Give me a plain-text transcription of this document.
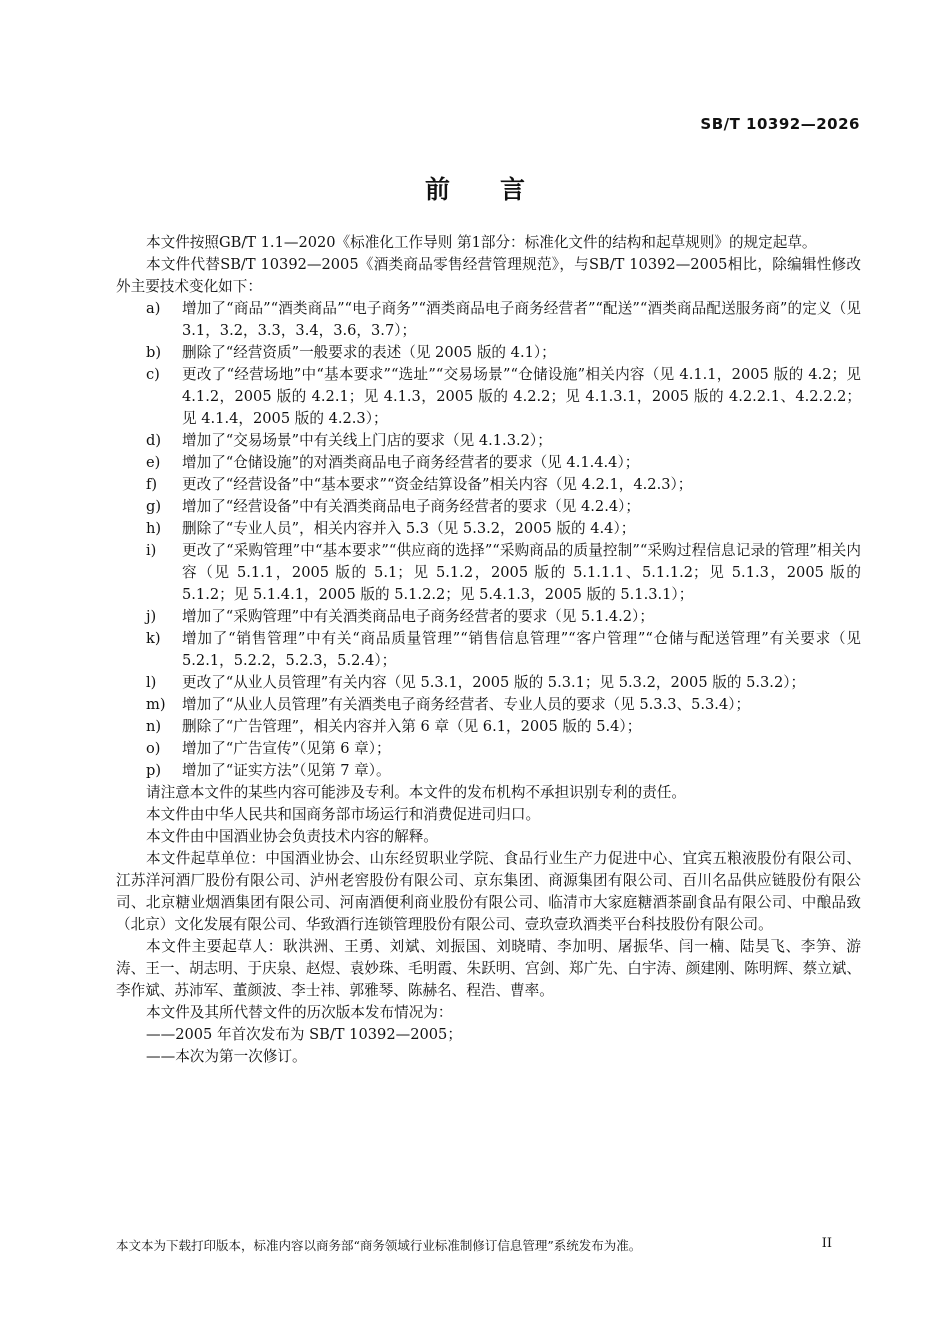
SB/T 10392—2026
前言

本文件按照GB/T 1.1—2020《标准化工作导则 第1部分：标准化文件的结构和起草规则》的规定起草。

本文件代替SB/T 10392—2005《酒类商品零售经营管理规范》，与SB/T 10392—2005相比，除编辑性修改外主要技术变化如下：

a)	增加了“商品”“酒类商品”“电子商务”“酒类商品电子商务经营者”“配送”“酒类商品配送服务商”的定义（见 3.1，3.2，3.3，3.4，3.6，3.7）；
b)	删除了“经营资质”一般要求的表述（见 2005 版的 4.1）；
c)	更改了“经营场地”中“基本要求”“选址”“交易场景”“仓储设施”相关内容（见 4.1.1，2005 版的 4.2；见 4.1.2，2005 版的 4.2.1；见 4.1.3，2005 版的 4.2.2；见 4.1.3.1，2005 版的 4.2.2.1、4.2.2.2；见 4.1.4，2005 版的 4.2.3）；
d)	增加了“交易场景”中有关线上门店的要求（见 4.1.3.2）；
e)	增加了“仓储设施”的对酒类商品电子商务经营者的要求（见 4.1.4.4）；
f)	更改了“经营设备”中“基本要求”“资金结算设备”相关内容（见 4.2.1，4.2.3）；
g)	增加了“经营设备”中有关酒类商品电子商务经营者的要求（见 4.2.4）；
h)	删除了“专业人员”，相关内容并入 5.3（见 5.3.2，2005 版的 4.4）；
i)	更改了“采购管理”中“基本要求”“供应商的选择”“采购商品的质量控制”“采购过程信息记录的管理”相关内容（见 5.1.1，2005 版的 5.1；见 5.1.2，2005 版的 5.1.1.1、5.1.1.2；见 5.1.3，2005 版的 5.1.2；见 5.1.4.1，2005 版的 5.1.2.2；见 5.4.1.3，2005 版的 5.1.3.1）；
j)	增加了“采购管理”中有关酒类商品电子商务经营者的要求（见 5.1.4.2）；
k)	增加了“销售管理”中有关“商品质量管理”“销售信息管理”“客户管理”“仓储与配送管理”有关要求（见 5.2.1，5.2.2，5.2.3，5.2.4）；
l)	更改了“从业人员管理”有关内容（见 5.3.1，2005 版的 5.3.1；见 5.3.2，2005 版的 5.3.2）；
m)	增加了“从业人员管理”有关酒类电子商务经营者、专业人员的要求（见 5.3.3、5.3.4）；
n)	删除了“广告管理”，相关内容并入第 6 章（见 6.1，2005 版的 5.4）；
o)	增加了“广告宣传”（见第 6 章）；
p)	增加了“证实方法”（见第 7 章）。

请注意本文件的某些内容可能涉及专利。本文件的发布机构不承担识别专利的责任。

本文件由中华人民共和国商务部市场运行和消费促进司归口。

本文件由中国酒业协会负责技术内容的解释。

本文件起草单位：中国酒业协会、山东经贸职业学院、食品行业生产力促进中心、宜宾五粮液股份有限公司、江苏洋河酒厂股份有限公司、泸州老窖股份有限公司、京东集团、商源集团有限公司、百川名品供应链股份有限公司、北京糖业烟酒集团有限公司、河南酒便利商业股份有限公司、临清市大家庭糖酒茶副食品有限公司、中酿品致（北京）文化发展有限公司、华致酒行连锁管理股份有限公司、壹玖壹玖酒类平台科技股份有限公司。

本文件主要起草人：耿洪洲、王勇、刘斌、刘振国、刘晓晴、李加明、屠振华、闫一楠、陆昊飞、李笋、游涛、王一、胡志明、于庆泉、赵煜、袁妙珠、毛明霞、朱跃明、宫剑、郑广先、白宇涛、颜建刚、陈明辉、蔡立斌、李作斌、苏沛军、董颜波、李士祎、郭雅琴、陈赫名、程浩、曹率。

本文件及其所代替文件的历次版本发布情况为：

——2005 年首次发布为 SB/T 10392—2005；

——本次为第一次修订。

本文本为下载打印版本，标准内容以商务部“商务领域行业标准制修订信息管理”系统发布为准。	II
